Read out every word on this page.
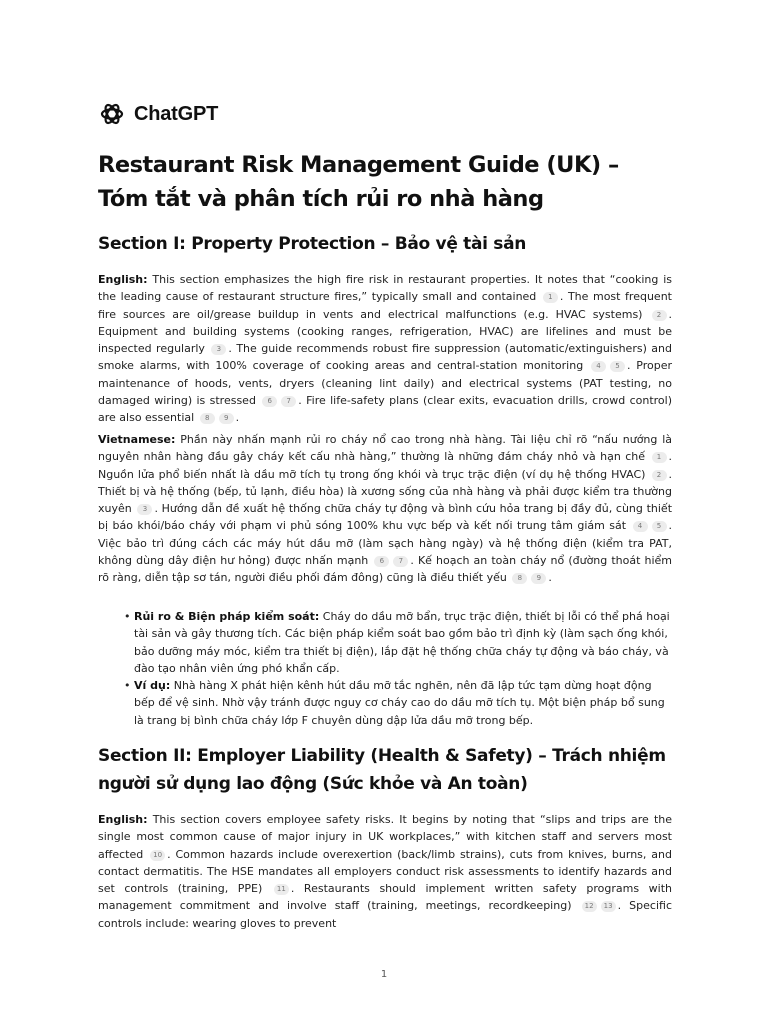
ChatGPT
Restaurant Risk Management Guide (UK) – Tóm tắt và phân tích rủi ro nhà hàng
Section I: Property Protection – Bảo vệ tài sản

English: This section emphasizes the high fire risk in restaurant properties. It notes that “cooking is the leading cause of restaurant structure fires,” typically small and contained 1 . The most frequent fire sources are oil/grease buildup in vents and electrical malfunctions (e.g. HVAC systems) 2 . Equipment and building systems (cooking ranges, refrigeration, HVAC) are lifelines and must be inspected regularly 3 . The guide recommends robust fire suppression (automatic/extinguishers) and smoke alarms, with 100% coverage of cooking areas and central-station monitoring 4 5 . Proper maintenance of hoods, vents, dryers (cleaning lint daily) and electrical systems (PAT testing, no damaged wiring) is stressed 6 7 . Fire life-safety plans (clear exits, evacuation drills, crowd control) are also essential 8 9 .

Vietnamese: Phần này nhấn mạnh rủi ro cháy nổ cao trong nhà hàng. Tài liệu chỉ rõ “nấu nướng là nguyên nhân hàng đầu gây cháy kết cấu nhà hàng,” thường là những đám cháy nhỏ và hạn chế 1 . Nguồn lửa phổ biến nhất là dầu mỡ tích tụ trong ống khói và trục trặc điện (ví dụ hệ thống HVAC) 2 . Thiết bị và hệ thống (bếp, tủ lạnh, điều hòa) là xương sống của nhà hàng và phải được kiểm tra thường xuyên 3 . Hướng dẫn đề xuất hệ thống chữa cháy tự động và bình cứu hỏa trang bị đầy đủ, cùng thiết bị báo khói/báo cháy với phạm vi phủ sóng 100% khu vực bếp và kết nối trung tâm giám sát 4 5 . Việc bảo trì đúng cách các máy hút dầu mỡ (làm sạch hàng ngày) và hệ thống điện (kiểm tra PAT, không dùng dây điện hư hỏng) được nhấn mạnh 6 7 . Kế hoạch an toàn cháy nổ (đường thoát hiểm rõ ràng, diễn tập sơ tán, người điều phối đám đông) cũng là điều thiết yếu 8 9 .

• Rủi ro & Biện pháp kiểm soát: Cháy do dầu mỡ bẩn, trục trặc điện, thiết bị lỗi có thể phá hoại tài sản và gây thương tích. Các biện pháp kiểm soát bao gồm bảo trì định kỳ (làm sạch ống khói, bảo dưỡng máy móc, kiểm tra thiết bị điện), lắp đặt hệ thống chữa cháy tự động và báo cháy, và đào tạo nhân viên ứng phó khẩn cấp.
• Ví dụ: Nhà hàng X phát hiện kênh hút dầu mỡ tắc nghẽn, nên đã lập tức tạm dừng hoạt động bếp để vệ sinh. Nhờ vậy tránh được nguy cơ cháy cao do dầu mỡ tích tụ. Một biện pháp bổ sung là trang bị bình chữa cháy lớp F chuyên dùng dập lửa dầu mỡ trong bếp.
Section II: Employer Liability (Health & Safety) – Trách nhiệm người sử dụng lao động (Sức khỏe và An toàn)

English: This section covers employee safety risks. It begins by noting that “slips and trips are the single most common cause of major injury in UK workplaces,” with kitchen staff and servers most affected 10 . Common hazards include overexertion (back/limb strains), cuts from knives, burns, and contact dermatitis. The HSE mandates all employers conduct risk assessments to identify hazards and set controls (training, PPE) 11 . Restaurants should implement written safety programs with management commitment and involve staff (training, meetings, recordkeeping) 12 13 . Specific controls include: wearing gloves to prevent

1
